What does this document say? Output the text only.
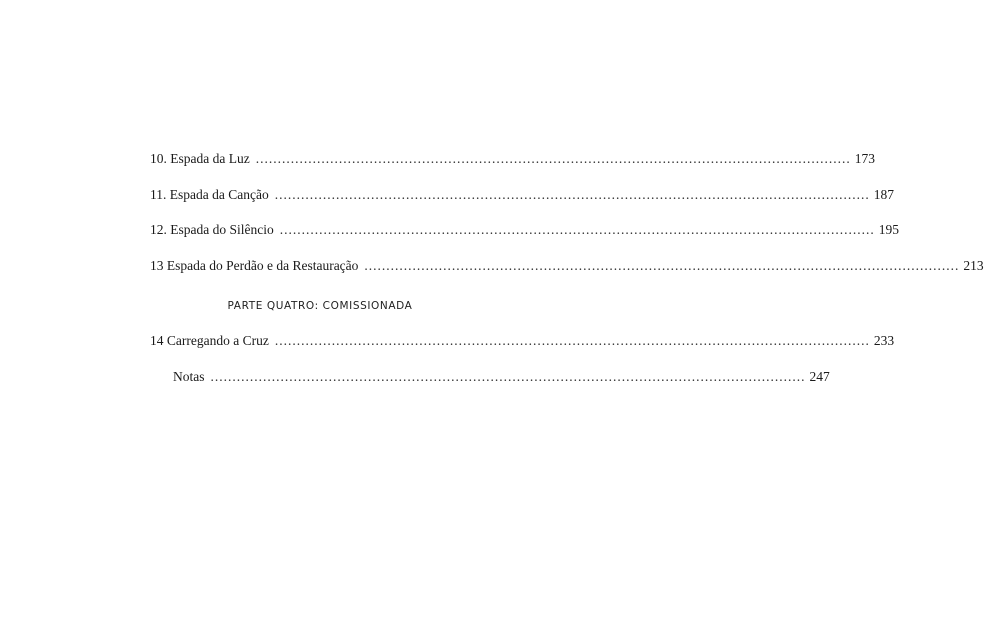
10. Espada da Luz ........................................................................................................................................ 173
11. Espada da Canção ........................................................................................................................................ 187
12. Espada do Silêncio ........................................................................................................................................ 195
13 Espada do Perdão e da Restauração ........................................................................................................................................ 213
PARTE QUATRO: COMISSIONADA
14 Carregando a Cruz ........................................................................................................................................ 233
Notas ........................................................................................................................................ 247
